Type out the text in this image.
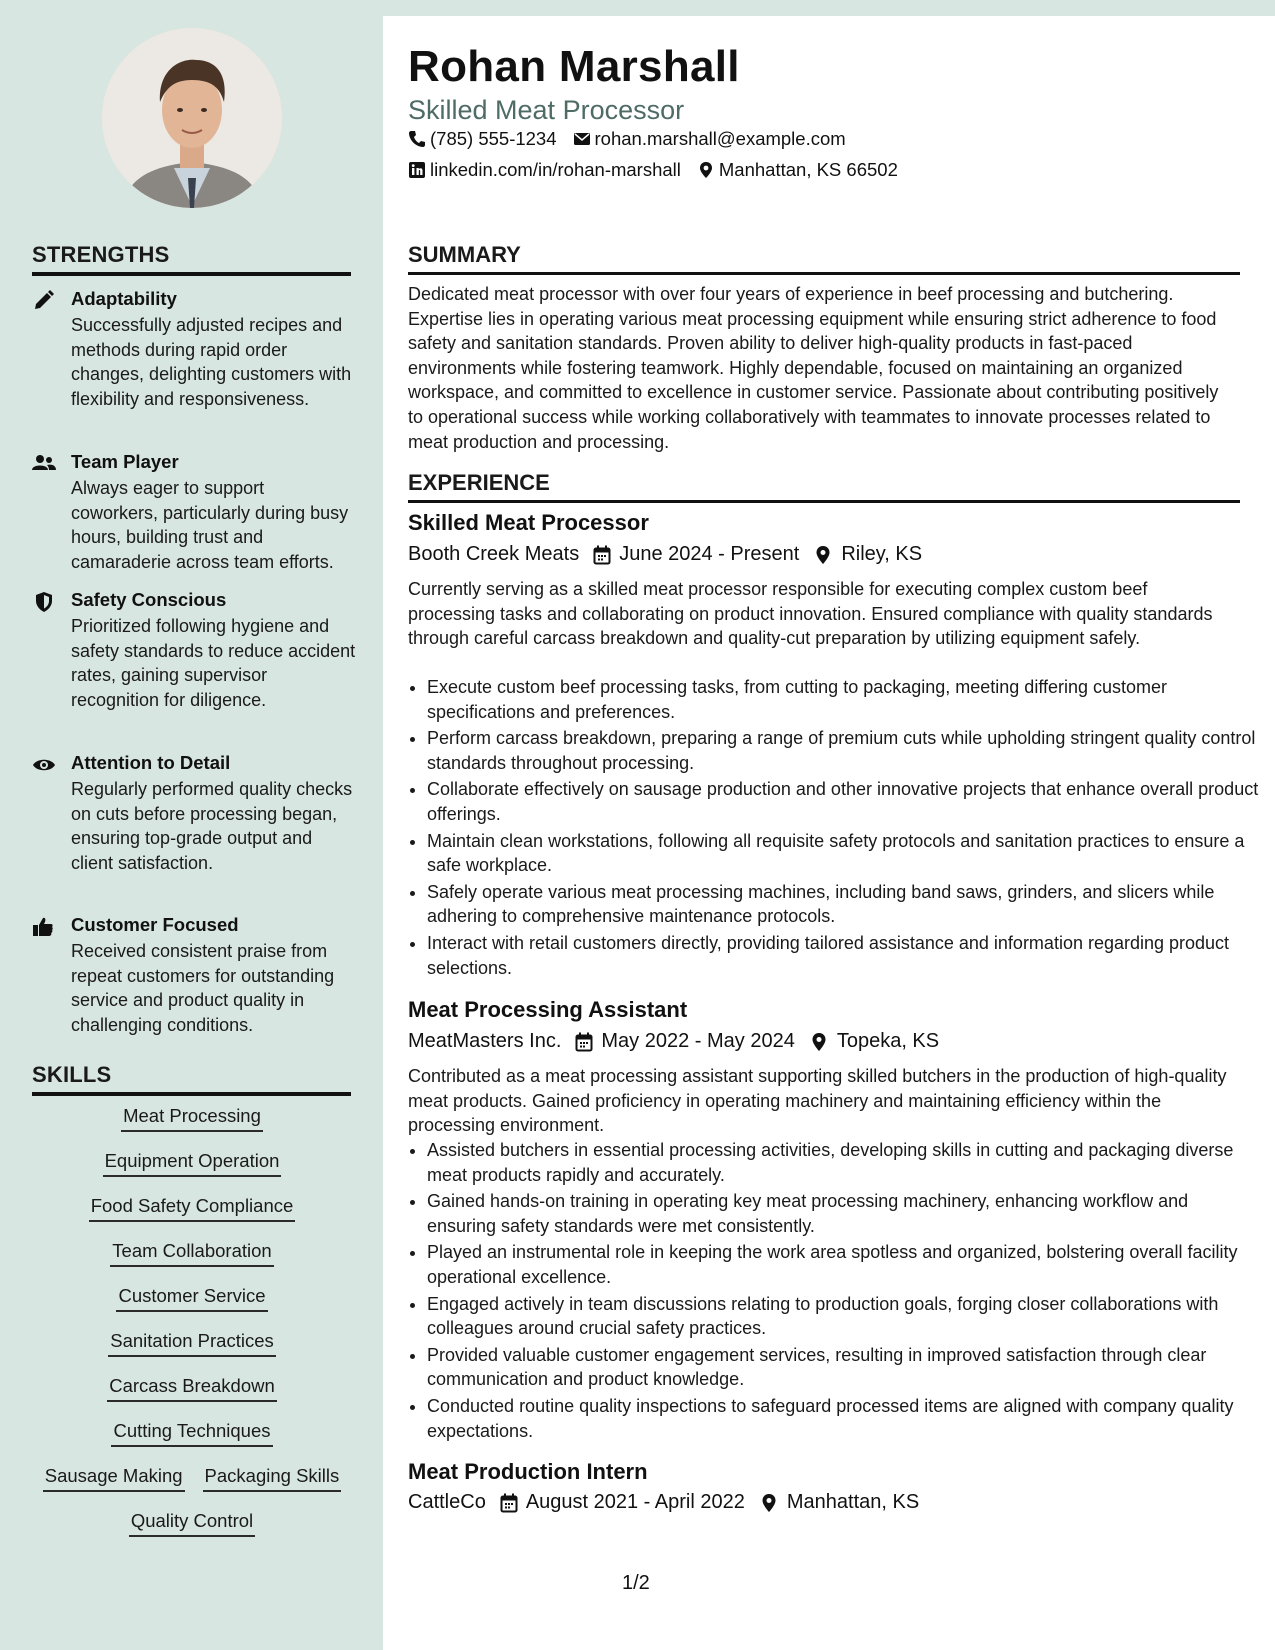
Rohan Marshall
Skilled Meat Processor
(785) 555-1234 rohan.marshall@example.com
linkedin.com/in/rohan-marshall Manhattan, KS 66502
STRENGTHS
Adaptability
Successfully adjusted recipes and methods during rapid order changes, delighting customers with flexibility and responsiveness.
Team Player
Always eager to support coworkers, particularly during busy hours, building trust and camaraderie across team efforts.
Safety Conscious
Prioritized following hygiene and safety standards to reduce accident rates, gaining supervisor recognition for diligence.
Attention to Detail
Regularly performed quality checks on cuts before processing began, ensuring top-grade output and client satisfaction.
Customer Focused
Received consistent praise from repeat customers for outstanding service and product quality in challenging conditions.
SKILLS
Meat Processing
Equipment Operation
Food Safety Compliance
Team Collaboration
Customer Service
Sanitation Practices
Carcass Breakdown
Cutting Techniques
Sausage Making Packaging Skills
Quality Control
SUMMARY
Dedicated meat processor with over four years of experience in beef processing and butchering. Expertise lies in operating various meat processing equipment while ensuring strict adherence to food safety and sanitation standards. Proven ability to deliver high-quality products in fast-paced environments while fostering teamwork. Highly dependable, focused on maintaining an organized workspace, and committed to excellence in customer service. Passionate about contributing positively to operational success while working collaboratively with teammates to innovate processes related to meat production and processing.
EXPERIENCE
Skilled Meat Processor
Booth Creek Meats June 2024 - Present Riley, KS
Currently serving as a skilled meat processor responsible for executing complex custom beef processing tasks and collaborating on product innovation. Ensured compliance with quality standards through careful carcass breakdown and quality-cut preparation by utilizing equipment safely.
• Execute custom beef processing tasks, from cutting to packaging, meeting differing customer specifications and preferences.
• Perform carcass breakdown, preparing a range of premium cuts while upholding stringent quality control standards throughout processing.
• Collaborate effectively on sausage production and other innovative projects that enhance overall product offerings.
• Maintain clean workstations, following all requisite safety protocols and sanitation practices to ensure a safe workplace.
• Safely operate various meat processing machines, including band saws, grinders, and slicers while adhering to comprehensive maintenance protocols.
• Interact with retail customers directly, providing tailored assistance and information regarding product selections.
Meat Processing Assistant
MeatMasters Inc. May 2022 - May 2024 Topeka, KS
Contributed as a meat processing assistant supporting skilled butchers in the production of high-quality meat products. Gained proficiency in operating machinery and maintaining efficiency within the processing environment.
• Assisted butchers in essential processing activities, developing skills in cutting and packaging diverse meat products rapidly and accurately.
• Gained hands-on training in operating key meat processing machinery, enhancing workflow and ensuring safety standards were met consistently.
• Played an instrumental role in keeping the work area spotless and organized, bolstering overall facility operational excellence.
• Engaged actively in team discussions relating to production goals, forging closer collaborations with colleagues around crucial safety practices.
• Provided valuable customer engagement services, resulting in improved satisfaction through clear communication and product knowledge.
• Conducted routine quality inspections to safeguard processed items are aligned with company quality expectations.
Meat Production Intern
CattleCo August 2021 - April 2022 Manhattan, KS
1/2
